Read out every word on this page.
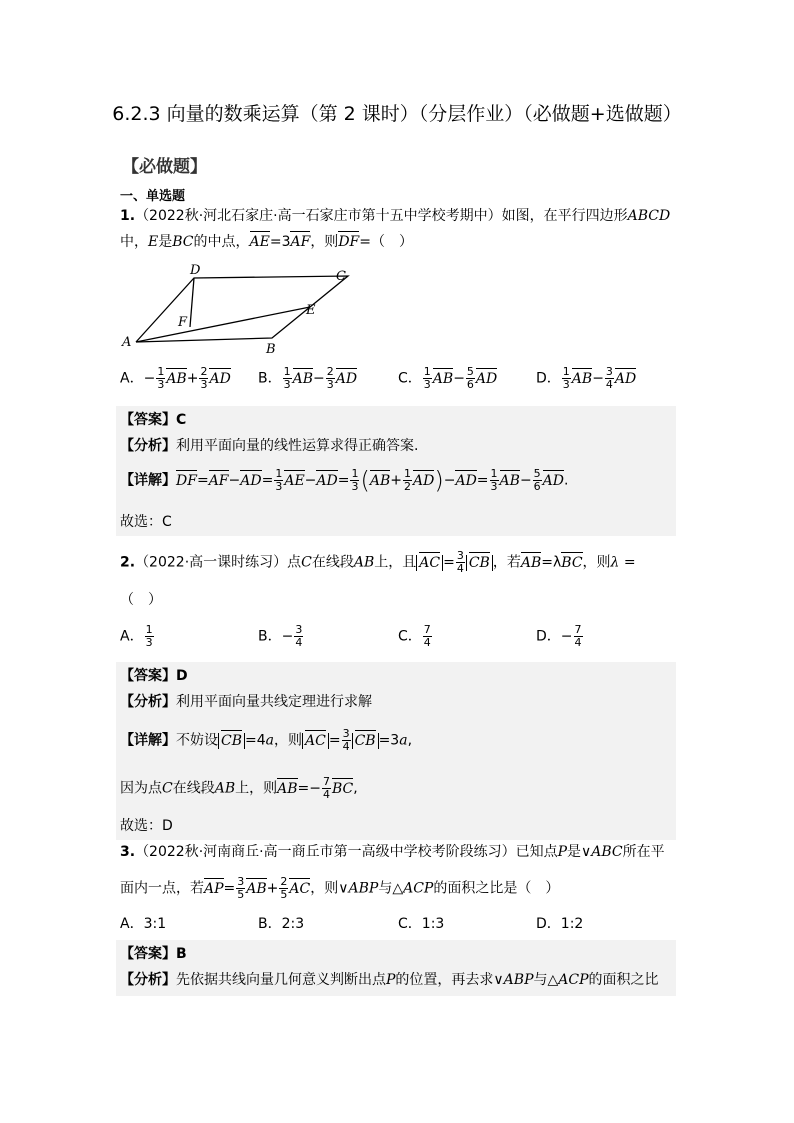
6.2.3 向量的数乘运算（第 2 课时）（分层作业）（必做题+选做题）
【必做题】
一、单选题
1.（2022秋·河北石家庄·高一石家庄市第十五中学校考期中）如图，在平行四边形ABCD
中，E是BC的中点，AE=3AF，则DF=（　）
A	B
C
D
E
F
A．− $\frac{1}{3} AB+ \frac{2}{3}$ AD B． $\frac{1}{3} AB- \frac{2}{3}$ AD	C． $\frac{1}{3} AB- \frac{5}{6}$ AD	D． $\frac{1}{3} AB- \frac{3}{4}$ AD
【答案】C
【分析】利用平面向量的线性运算求得正确答案.
【详解】$DF=AF-AD= \frac{1}{3} AE-AD= \frac{1}{3} (AB+ \frac{1}{2} AD)-AD= \frac{1}{3} AB- \frac{5}{6}$ AD.
故选：C
2.（2022·高一课时练习）点C在线段AB上，且 AC = $\frac{3}{4}$ CB ，若AB=λBC，则λ =
（　）
A． $\frac{1}{3}$	B．− $\frac{3}{4}$	C． $\frac{7}{4}$	D．− $\frac{7}{4}$
【答案】D
【分析】利用平面向量共线定理进行求解
【详解】不妨设 CB =4a，则 AC = $\frac{3}{4}$ CB =3a,
因为点C在线段AB上，则$AB=- \frac{7}{4}$ BC,
故选：D
3.（2022秋·河南商丘·高一商丘市第一高级中学校考阶段练习）已知点P是∨ABC所在平
面内一点，若$AP= \frac{3}{5} AB+ \frac{2}{5}$ AC，则∨ABP与△ACP的面积之比是（　）
A．3:1	B．2:3	C．1:3	D．1:2
【答案】B
【分析】先依据共线向量几何意义判断出点P的位置，再去求∨ABP与△ACP的面积之比
